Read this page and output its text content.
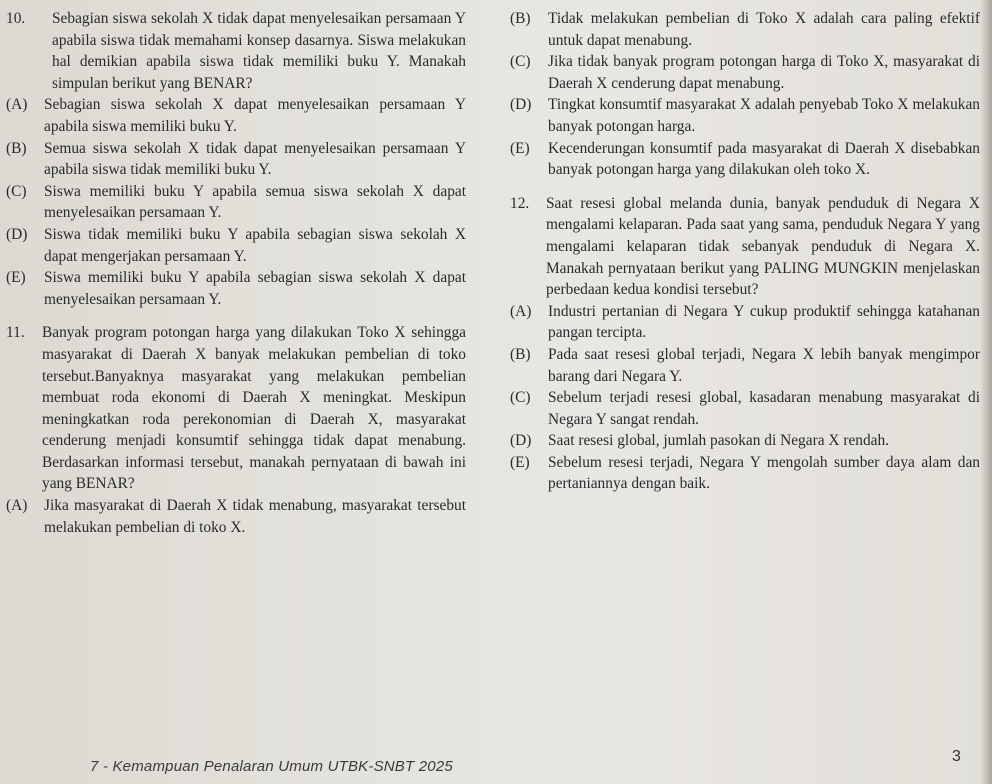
10. Sebagian siswa sekolah X tidak dapat menyelesaikan persamaan Y apabila siswa tidak memahami konsep dasarnya. Siswa melakukan hal demikian apabila siswa tidak memiliki buku Y. Manakah simpulan berikut yang BENAR?
(A) Sebagian siswa sekolah X dapat menyelesaikan persamaan Y apabila siswa memiliki buku Y.
(B) Semua siswa sekolah X tidak dapat menyelesaikan persamaan Y apabila siswa tidak memiliki buku Y.
(C) Siswa memiliki buku Y apabila semua siswa sekolah X dapat menyelesaikan persamaan Y.
(D) Siswa tidak memiliki buku Y apabila sebagian siswa sekolah X dapat mengerjakan persamaan Y.
(E) Siswa memiliki buku Y apabila sebagian siswa sekolah X dapat menyelesaikan persamaan Y.
11. Banyak program potongan harga yang dilakukan Toko X sehingga masyarakat di Daerah X banyak melakukan pembelian di toko tersebut.Banyaknya masyarakat yang melakukan pembelian membuat roda ekonomi di Daerah X meningkat. Meskipun meningkatkan roda perekonomian di Daerah X, masyarakat cenderung menjadi konsumtif sehingga tidak dapat menabung. Berdasarkan informasi tersebut, manakah pernyataan di bawah ini yang BENAR?
(A) Jika masyarakat di Daerah X tidak menabung, masyarakat tersebut melakukan pembelian di toko X.
(B) Tidak melakukan pembelian di Toko X adalah cara paling efektif untuk dapat menabung.
(C) Jika tidak banyak program potongan harga di Toko X, masyarakat di Daerah X cenderung dapat menabung.
(D) Tingkat konsumtif masyarakat X adalah penyebab Toko X melakukan banyak potongan harga.
(E) Kecenderungan konsumtif pada masyarakat di Daerah X disebabkan banyak potongan harga yang dilakukan oleh toko X.
12. Saat resesi global melanda dunia, banyak penduduk di Negara X mengalami kelaparan. Pada saat yang sama, penduduk Negara Y yang mengalami kelaparan tidak sebanyak penduduk di Negara X. Manakah pernyataan berikut yang PALING MUNGKIN menjelaskan perbedaan kedua kondisi tersebut?
(A) Industri pertanian di Negara Y cukup produktif sehingga katahanan pangan tercipta.
(B) Pada saat resesi global terjadi, Negara X lebih banyak mengimpor barang dari Negara Y.
(C) Sebelum terjadi resesi global, kasadaran menabung masyarakat di Negara Y sangat rendah.
(D) Saat resesi global, jumlah pasokan di Negara X rendah.
(E) Sebelum resesi terjadi, Negara Y mengolah sumber daya alam dan pertaniannya dengan baik.
7 - Kemampuan Penalaran Umum UTBK-SNBT 2025
3
